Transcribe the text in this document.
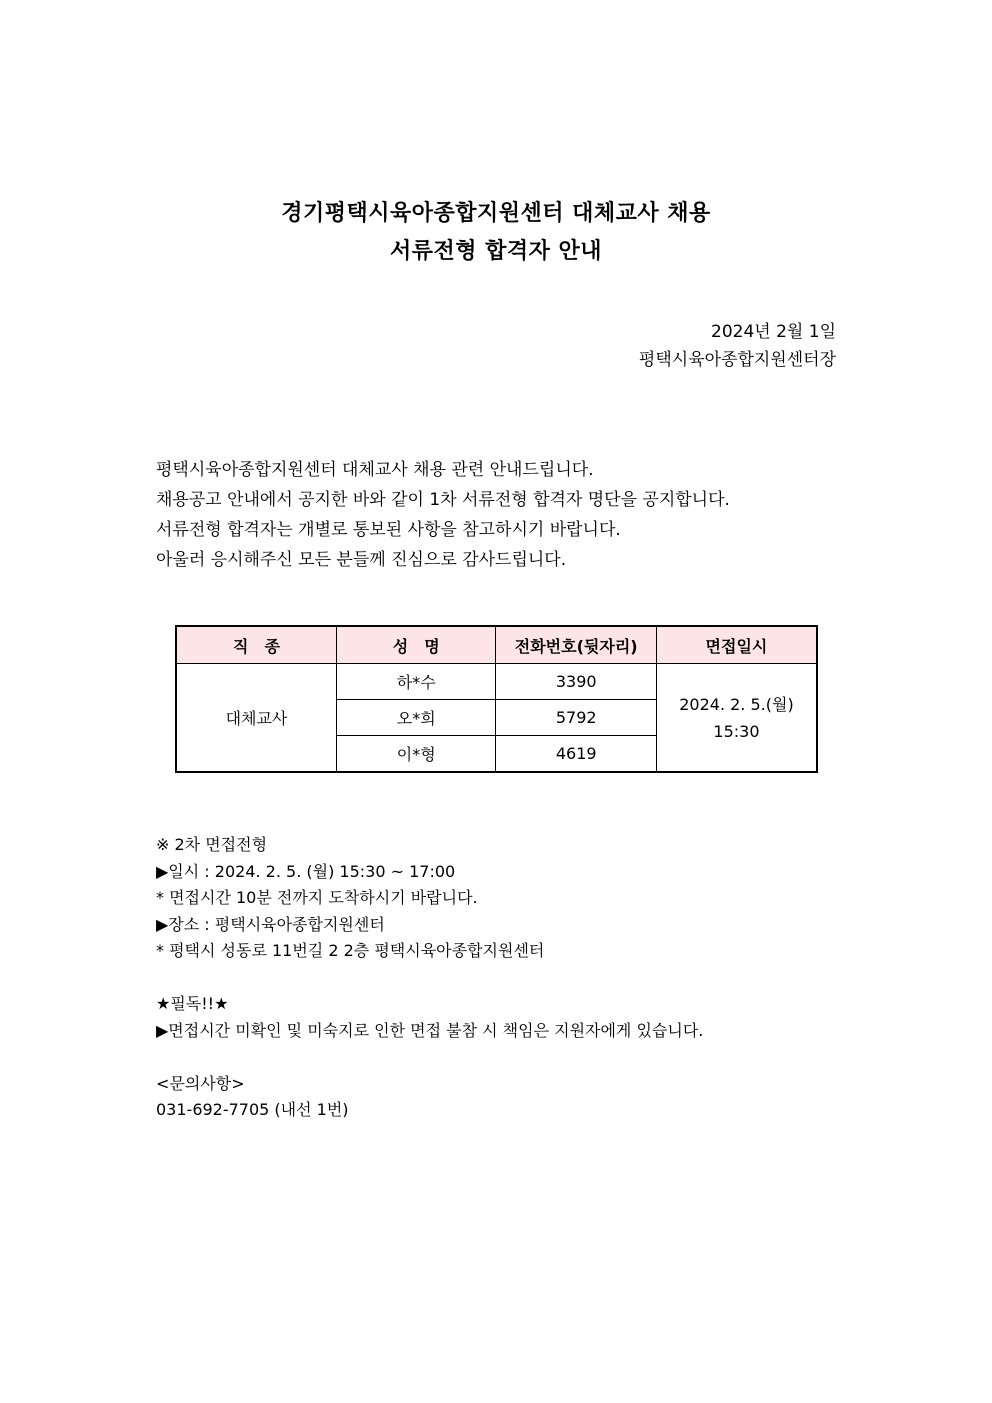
경기평택시육아종합지원센터 대체교사 채용
서류전형 합격자 안내
2024년 2월 1일
평택시육아종합지원센터장
평택시육아종합지원센터 대체교사 채용 관련 안내드립니다.
채용공고 안내에서 공지한 바와 같이 1차 서류전형 합격자 명단을 공지합니다.
서류전형 합격자는 개별로 통보된 사항을 참고하시기 바랍니다.
아울러 응시해주신 모든 분들께 진심으로 감사드립니다.
직　종	성　명	전화번호(뒷자리)	면접일시
대체교사	하*수	3390	2024. 2. 5.(월)
15:30

	오*희	5792	
	이*형	4619	
※ 2차 면접전형
▶일시 : 2024. 2. 5. (월) 15:30 ~ 17:00
* 면접시간 10분 전까지 도착하시기 바랍니다.
▶장소 : 평택시육아종합지원센터
* 평택시 성동로 11번길 2 2층 평택시육아종합지원센터
★필독!!★
▶면접시간 미확인 및 미숙지로 인한 면접 불참 시 책임은 지원자에게 있습니다.
<문의사항>
031-692-7705 (내선 1번)
